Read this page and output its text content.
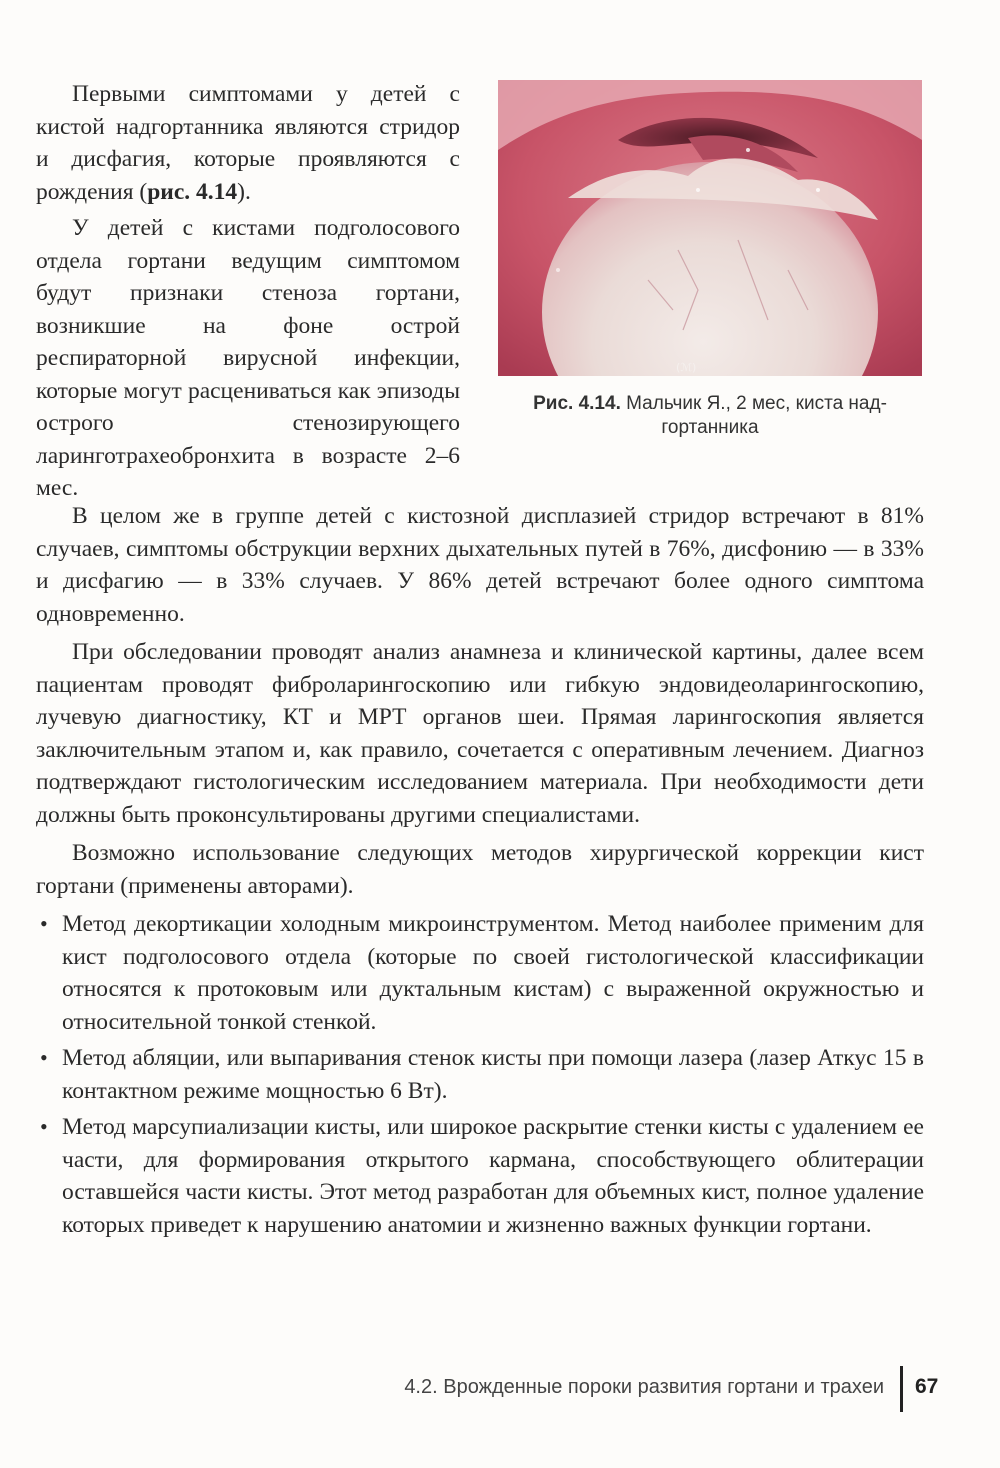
Первыми симптомами у детей с кистой надгортанника являются стридор и дисфагия, которые проявляются с рождения (рис. 4.14).

У детей с кистами подголосового отдела гортани ведущим симптомом будут признаки стеноза гортани, возникшие на фоне острой респираторной вирусной инфекции, которые могут расцениваться как эпизоды острого стенозирующего ларинготрахеобронхита в возрасте 2–6 мес.

(ℳ)
Рис. 4.14. Мальчик Я., 2 мес, киста надгортанника

В целом же в группе детей с кистозной дисплазией стридор встречают в 81% случаев, симптомы обструкции верхних дыхательных путей в 76%, дисфонию — в 33% и дисфагию — в 33% случаев. У 86% детей встречают более одного симптома одновременно.

При обследовании проводят анализ анамнеза и клинической картины, далее всем пациентам проводят фиброларингоскопию или гибкую эндовидеоларингоскопию, лучевую диагностику, КТ и МРТ органов шеи. Прямая ларингоскопия является заключительным этапом и, как правило, сочетается с оперативным лечением. Диагноз подтверждают гистологическим исследованием материала. При необходимости дети должны быть проконсультированы другими специалистами.

Возможно использование следующих методов хирургической коррекции кист гортани (применены авторами).

• Метод декортикации холодным микроинструментом. Метод наиболее применим для кист подголосового отдела (которые по своей гистологической классификации относятся к протоковым или дуктальным кистам) с выраженной окружностью и относительной тонкой стенкой.
• Метод абляции, или выпаривания стенок кисты при помощи лазера (лазер Аткус 15 в контактном режиме мощностью 6 Вт).
• Метод марсупиализации кисты, или широкое раскрытие стенки кисты с удалением ее части, для формирования открытого кармана, способствующего облитерации оставшейся части кисты. Этот метод разработан для объемных кист, полное удаление которых приведет к нарушению анатомии и жизненно важных функции гортани.
4.2. Врожденные пороки развития гортани и трахеи 67
